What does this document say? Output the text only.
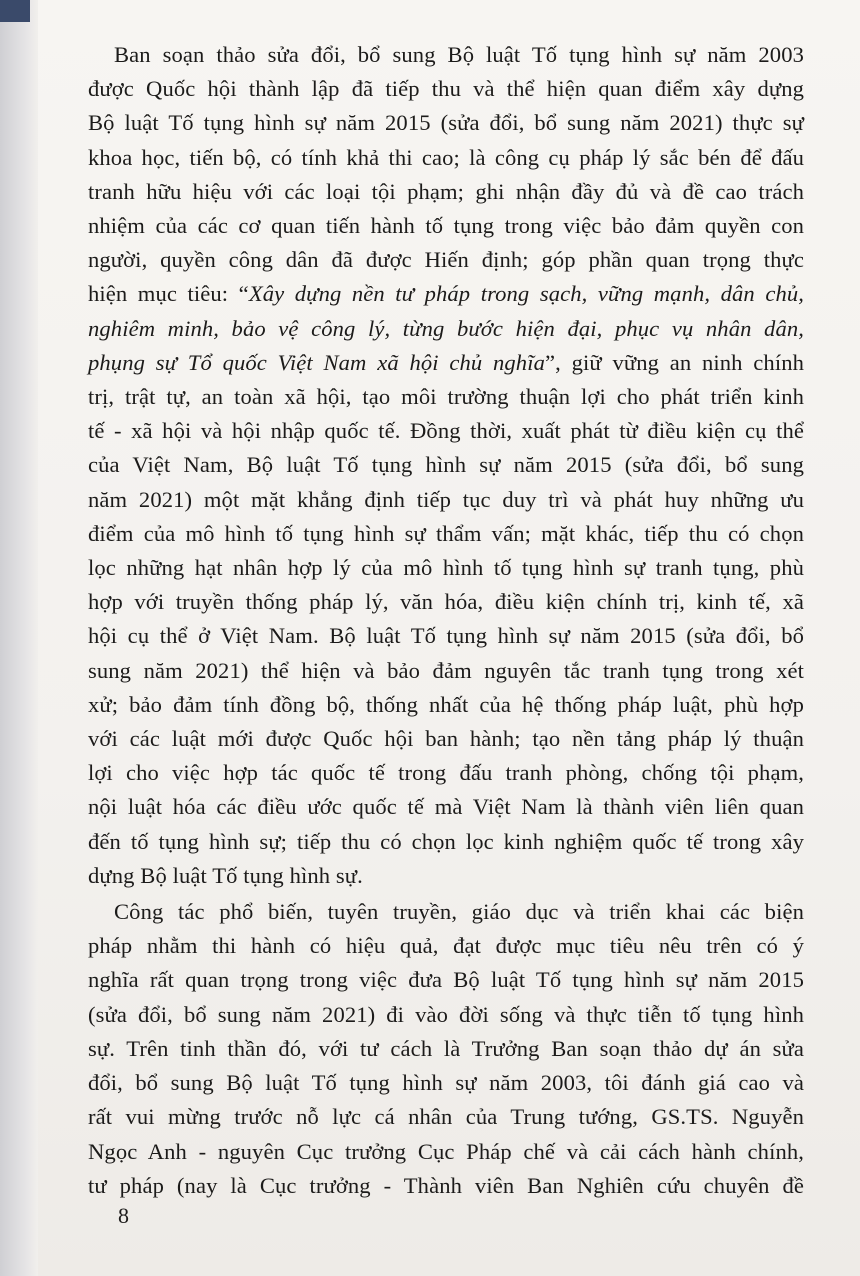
Ban soạn thảo sửa đổi, bổ sung Bộ luật Tố tụng hình sự năm 2003
được Quốc hội thành lập đã tiếp thu và thể hiện quan điểm xây dựng
Bộ luật Tố tụng hình sự năm 2015 (sửa đổi, bổ sung năm 2021) thực sự
khoa học, tiến bộ, có tính khả thi cao; là công cụ pháp lý sắc bén để đấu
tranh hữu hiệu với các loại tội phạm; ghi nhận đầy đủ và đề cao trách
nhiệm của các cơ quan tiến hành tố tụng trong việc bảo đảm quyền con
người, quyền công dân đã được Hiến định; góp phần quan trọng thực
hiện mục tiêu: “Xây dựng nền tư pháp trong sạch, vững mạnh, dân chủ,
nghiêm minh, bảo vệ công lý, từng bước hiện đại, phục vụ nhân dân,
phụng sự Tổ quốc Việt Nam xã hội chủ nghĩa”, giữ vững an ninh chính
trị, trật tự, an toàn xã hội, tạo môi trường thuận lợi cho phát triển kinh
tế - xã hội và hội nhập quốc tế. Đồng thời, xuất phát từ điều kiện cụ thể
của Việt Nam, Bộ luật Tố tụng hình sự năm 2015 (sửa đổi, bổ sung
năm 2021) một mặt khẳng định tiếp tục duy trì và phát huy những ưu
điểm của mô hình tố tụng hình sự thẩm vấn; mặt khác, tiếp thu có chọn
lọc những hạt nhân hợp lý của mô hình tố tụng hình sự tranh tụng, phù
hợp với truyền thống pháp lý, văn hóa, điều kiện chính trị, kinh tế, xã
hội cụ thể ở Việt Nam. Bộ luật Tố tụng hình sự năm 2015 (sửa đổi, bổ
sung năm 2021) thể hiện và bảo đảm nguyên tắc tranh tụng trong xét
xử; bảo đảm tính đồng bộ, thống nhất của hệ thống pháp luật, phù hợp
với các luật mới được Quốc hội ban hành; tạo nền tảng pháp lý thuận
lợi cho việc hợp tác quốc tế trong đấu tranh phòng, chống tội phạm,
nội luật hóa các điều ước quốc tế mà Việt Nam là thành viên liên quan
đến tố tụng hình sự; tiếp thu có chọn lọc kinh nghiệm quốc tế trong xây
dựng Bộ luật Tố tụng hình sự.
Công tác phổ biến, tuyên truyền, giáo dục và triển khai các biện
pháp nhằm thi hành có hiệu quả, đạt được mục tiêu nêu trên có ý
nghĩa rất quan trọng trong việc đưa Bộ luật Tố tụng hình sự năm 2015
(sửa đổi, bổ sung năm 2021) đi vào đời sống và thực tiễn tố tụng hình
sự. Trên tinh thần đó, với tư cách là Trưởng Ban soạn thảo dự án sửa
đổi, bổ sung Bộ luật Tố tụng hình sự năm 2003, tôi đánh giá cao và
rất vui mừng trước nỗ lực cá nhân của Trung tướng, GS.TS. Nguyễn
Ngọc Anh - nguyên Cục trưởng Cục Pháp chế và cải cách hành chính,
tư pháp (nay là Cục trưởng - Thành viên Ban Nghiên cứu chuyên đề
8
